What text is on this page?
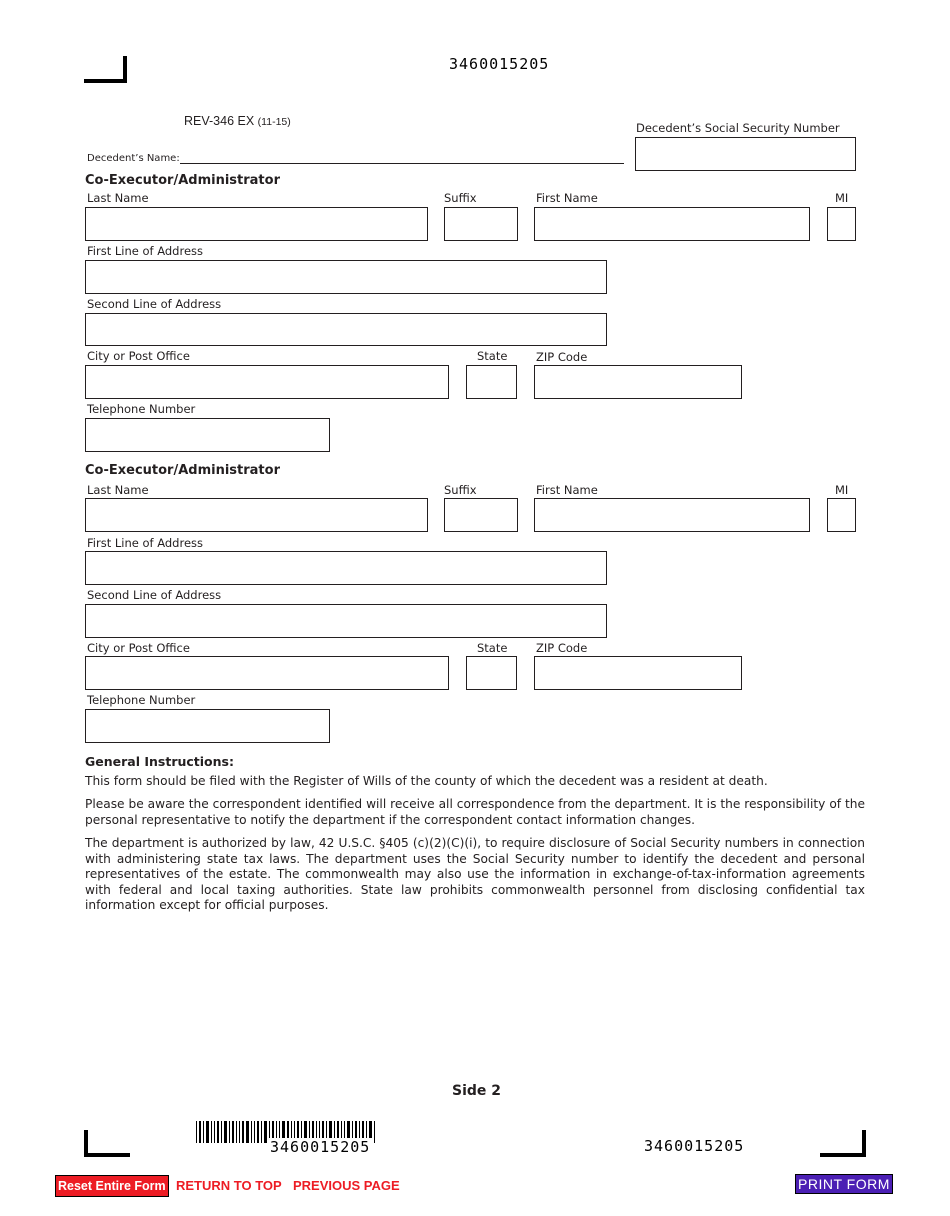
3460015205
REV-346 EX (11-15)	Decedent’s Social Security Number
Decedent’s Name:
Co-Executor/Administrator
Last Name	Suffix	First Name	MI
First Line of Address
Second Line of Address
City or Post Office	State ZIP Code
Telephone Number
Co-Executor/Administrator
Last Name	Suffix	First Name	MI
First Line of Address
Second Line of Address
City or Post Office	State ZIP Code
Telephone Number
General Instructions:
This form should be filed with the Register of Wills of the county of which the decedent was a resident at death.
Please be aware the correspondent identified will receive all correspondence from the department. It is the responsibility of the personal representative to notify the department if the correspondent contact information changes.
The department is authorized by law, 42 U.S.C. §405 (c)(2)(C)(i), to require disclosure of Social Security numbers in connection with administering state tax laws. The department uses the Social Security number to identify the decedent and personal representatives of the estate. The commonwealth may also use the information in exchange-of-tax-information agreements with federal and local taxing authorities. State law prohibits commonwealth personnel from disclosing confidential tax information except for official purposes.
Side 2
3460015205	3460015205
Reset Entire Form RETURN TO TOP PREVIOUS PAGE	PRINT FORM
